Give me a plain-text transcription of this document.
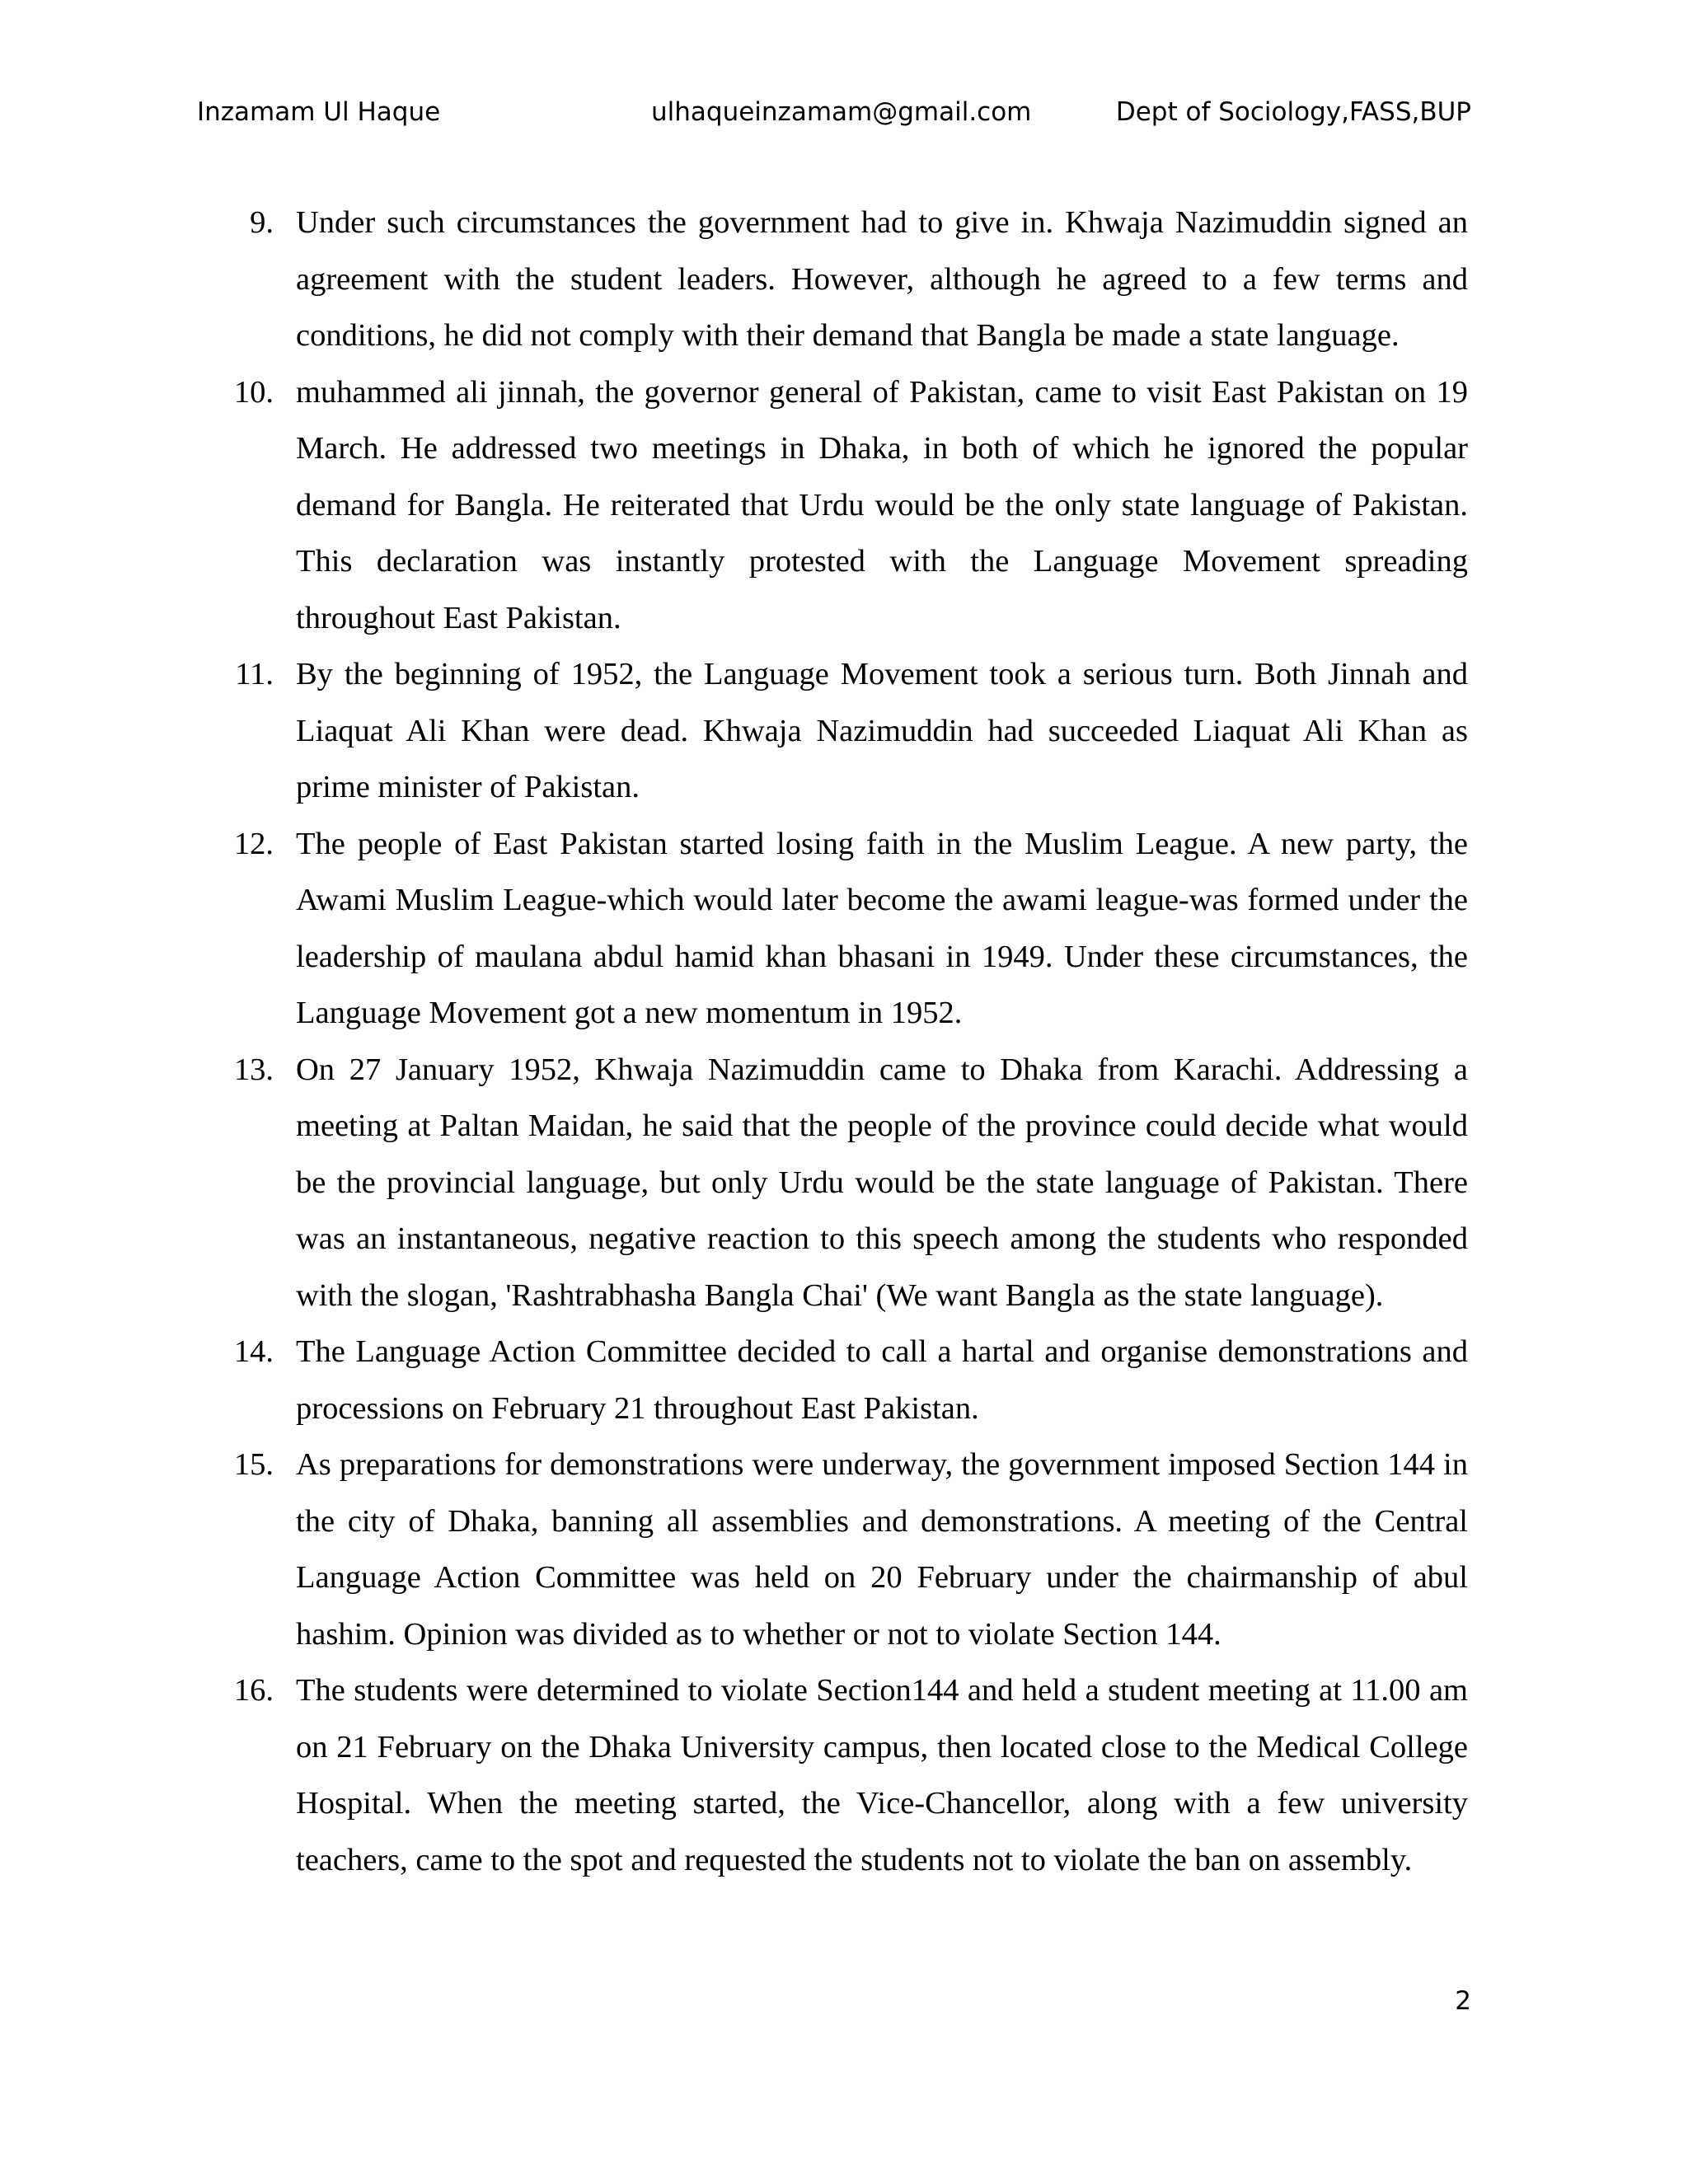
Inzamam Ul Haque	ulhaqueinzamam@gmail.com	Dept of Sociology,FASS,BUP
9. Under such circumstances the government had to give in. Khwaja Nazimuddin signed an agreement with the student leaders. However, although he agreed to a few terms and conditions, he did not comply with their demand that Bangla be made a state language.
10. muhammed ali jinnah, the governor general of Pakistan, came to visit East Pakistan on 19 March. He addressed two meetings in Dhaka, in both of which he ignored the popular demand for Bangla. He reiterated that Urdu would be the only state language of Pakistan. This declaration was instantly protested with the Language Movement spreading throughout East Pakistan.
11. By the beginning of 1952, the Language Movement took a serious turn. Both Jinnah and Liaquat Ali Khan were dead. Khwaja Nazimuddin had succeeded Liaquat Ali Khan as prime minister of Pakistan.
12. The people of East Pakistan started losing faith in the Muslim League. A new party, the Awami Muslim League-which would later become the awami league-was formed under the leadership of maulana abdul hamid khan bhasani in 1949. Under these circumstances, the Language Movement got a new momentum in 1952.
13. On 27 January 1952, Khwaja Nazimuddin came to Dhaka from Karachi. Addressing a meeting at Paltan Maidan, he said that the people of the province could decide what would be the provincial language, but only Urdu would be the state language of Pakistan. There was an instantaneous, negative reaction to this speech among the students who responded with the slogan, 'Rashtrabhasha Bangla Chai' (We want Bangla as the state language).
14. The Language Action Committee decided to call a hartal and organise demonstrations and processions on February 21 throughout East Pakistan.
15. As preparations for demonstrations were underway, the government imposed Section 144 in the city of Dhaka, banning all assemblies and demonstrations. A meeting of the Central Language Action Committee was held on 20 February under the chairmanship of abul hashim. Opinion was divided as to whether or not to violate Section 144.
16. The students were determined to violate Section144 and held a student meeting at 11.00 am on 21 February on the Dhaka University campus, then located close to the Medical College Hospital. When the meeting started, the Vice-Chancellor, along with a few university teachers, came to the spot and requested the students not to violate the ban on assembly.
2
